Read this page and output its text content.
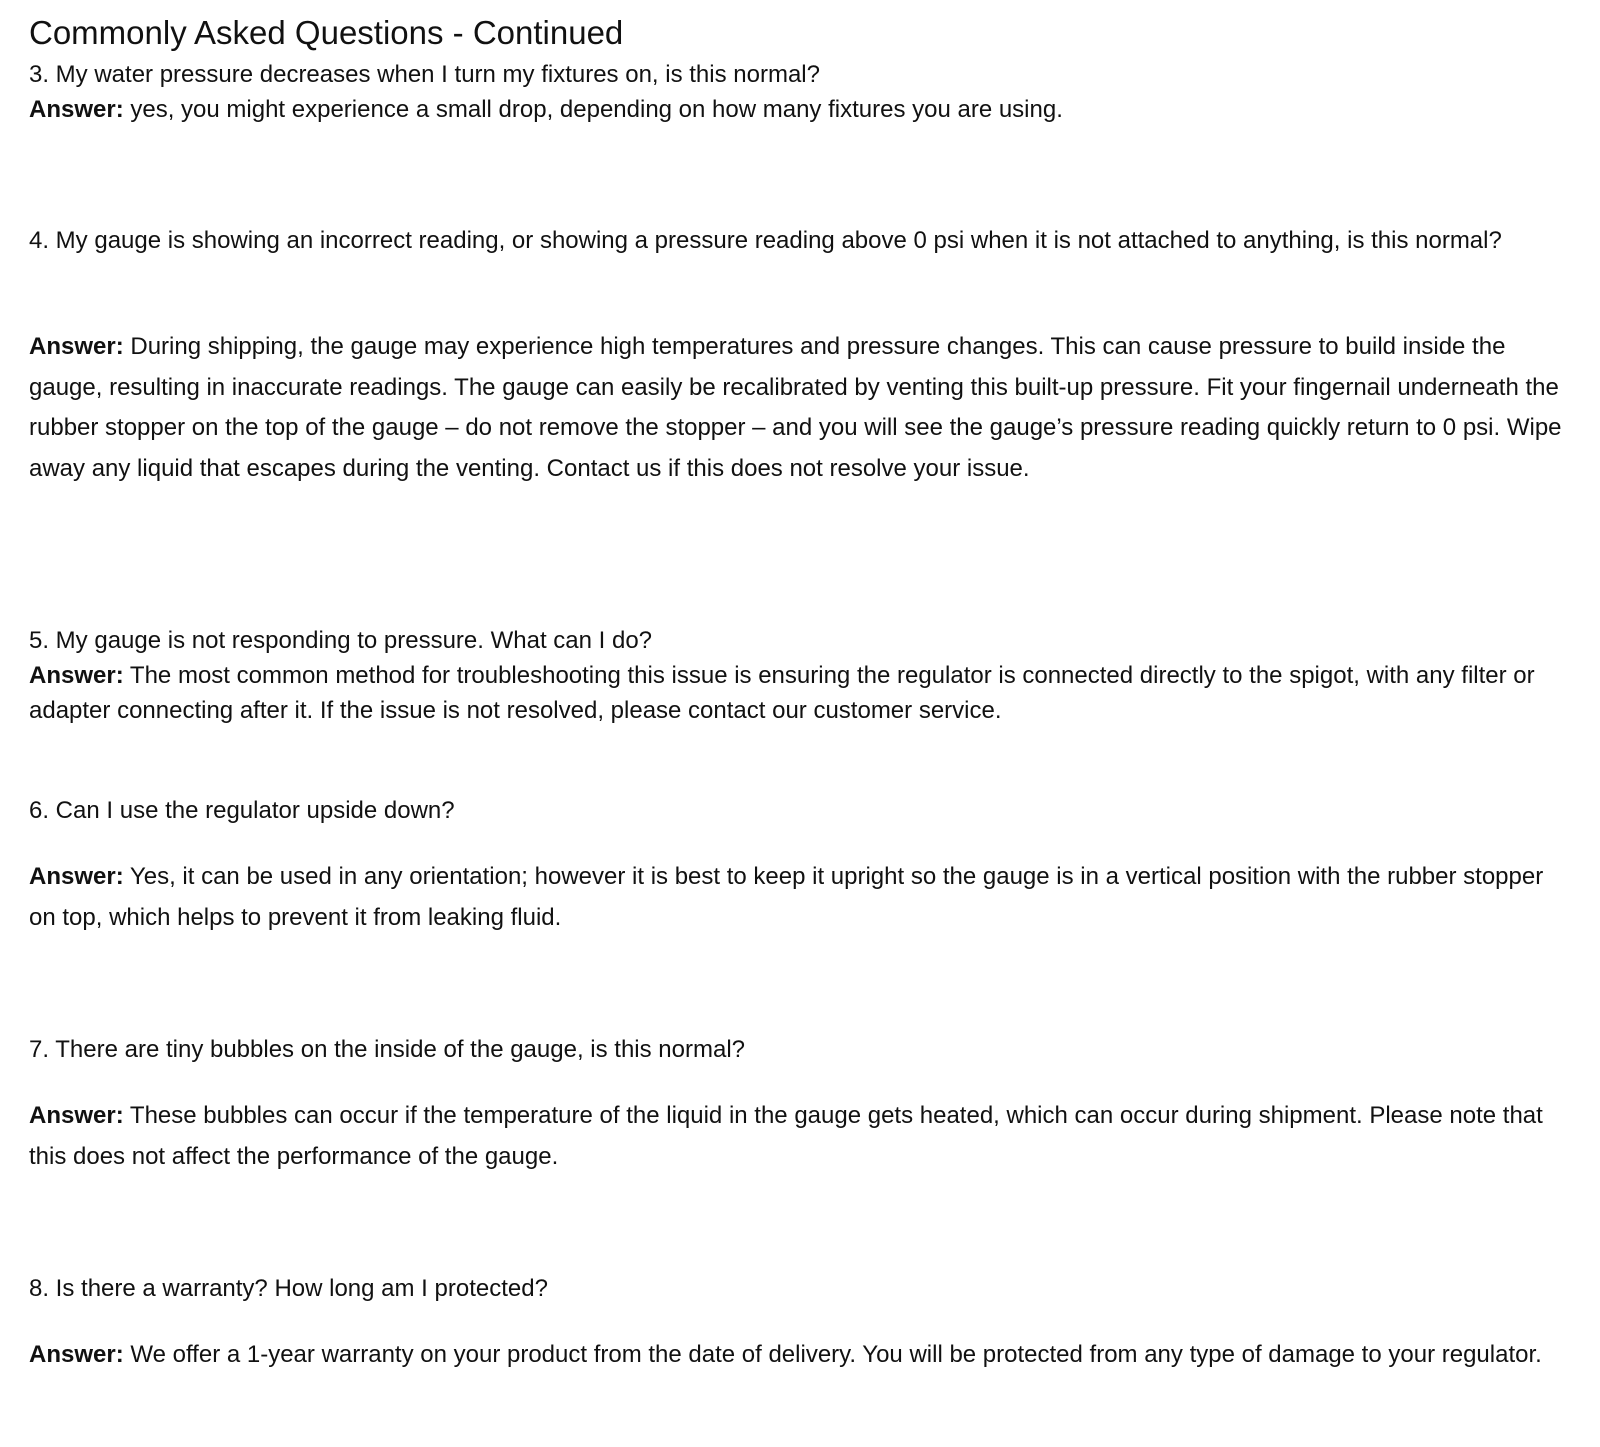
Commonly Asked Questions - Continued

3. My water pressure decreases when I turn my fixtures on, is this normal?

Answer: yes, you might experience a small drop, depending on how many fixtures you are using.

4. My gauge is showing an incorrect reading, or showing a pressure reading above 0 psi when it is not attached to anything, is this normal?

Answer: During shipping, the gauge may experience high temperatures and pressure changes. This can cause pressure to build inside the gauge, resulting in inaccurate readings. The gauge can easily be recalibrated by venting this built-up pressure. Fit your fingernail underneath the rubber stopper on the top of the gauge – do not remove the stopper – and you will see the gauge’s pressure reading quickly return to 0 psi. Wipe away any liquid that escapes during the venting. Contact us if this does not resolve your issue.

5. My gauge is not responding to pressure. What can I do?

Answer: The most common method for troubleshooting this issue is ensuring the regulator is connected directly to the spigot, with any filter or adapter connecting after it. If the issue is not resolved, please contact our customer service.

6. Can I use the regulator upside down?

Answer: Yes, it can be used in any orientation; however it is best to keep it upright so the gauge is in a vertical position with the rubber stopper on top, which helps to prevent it from leaking fluid.

7. There are tiny bubbles on the inside of the gauge, is this normal?

Answer: These bubbles can occur if the temperature of the liquid in the gauge gets heated, which can occur during shipment. Please note that this does not affect the performance of the gauge.

8. Is there a warranty? How long am I protected?

Answer: We offer a 1-year warranty on your product from the date of delivery. You will be protected from any type of damage to your regulator.
